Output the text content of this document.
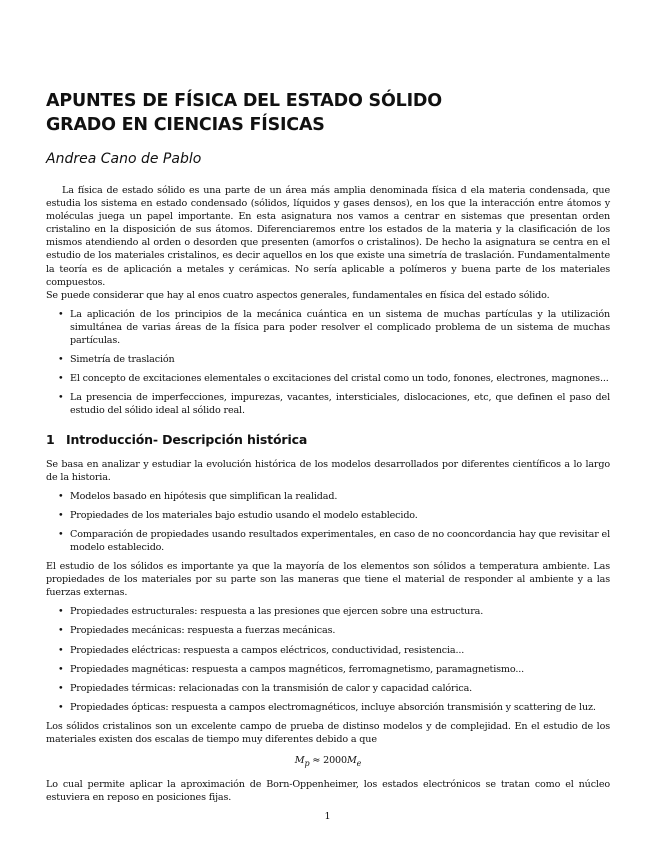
APUNTES DE FÍSICA DEL ESTADO SÓLIDO
GRADO EN CIENCIAS FÍSICAS
Andrea Cano de Pablo

La física de estado sólido es una parte de un área más amplia denominada física d ela materia condensada, que estudia los sistema en estado condensado (sólidos, líquidos y gases densos), en los que la interacción entre átomos y moléculas juega un papel importante. En esta asignatura nos vamos a centrar en sistemas que presentan orden cristalino en la disposición de sus átomos. Diferenciaremos entre los estados de la materia y la clasificación de los mismos atendiendo al orden o desorden que presenten (amorfos o cristalinos). De hecho la asignatura se centra en el estudio de los materiales cristalinos, es decir aquellos en los que existe una simetría de traslación. Fundamentalmente la teoría es de aplicación a metales y cerámicas. No sería aplicable a polímeros y buena parte de los materiales compuestos.

Se puede considerar que hay al enos cuatro aspectos generales, fundamentales en física del estado sólido.

• La aplicación de los principios de la mecánica cuántica en un sistema de muchas partículas y la utilización simultánea de varias áreas de la física para poder resolver el complicado problema de un sistema de muchas partículas.
• Simetría de traslación
• El concepto de excitaciones elementales o excitaciones del cristal como un todo, fonones, electrones, magnones...
• La presencia de imperfecciones, impurezas, vacantes, intersticiales, dislocaciones, etc, que definen el paso del estudio del sólido ideal al sólido real.
1 Introducción- Descripción histórica

Se basa en analizar y estudiar la evolución histórica de los modelos desarrollados por diferentes científicos a lo largo de la historia.

• Modelos basado en hipótesis que simplifican la realidad.
• Propiedades de los materiales bajo estudio usando el modelo establecido.
• Comparación de propiedades usando resultados experimentales, en caso de no cooncordancia hay que revisitar el modelo establecido.

El estudio de los sólidos es importante ya que la mayoría de los elementos son sólidos a temperatura ambiente. Las propiedades de los materiales por su parte son las maneras que tiene el material de responder al ambiente y a las fuerzas externas.

• Propiedades estructurales: respuesta a las presiones que ejercen sobre una estructura.
• Propiedades mecánicas: respuesta a fuerzas mecánicas.
• Propiedades eléctricas: respuesta a campos eléctricos, conductividad, resistencia...
• Propiedades magnéticas: respuesta a campos magnéticos, ferromagnetismo, paramagnetismo...
• Propiedades térmicas: relacionadas con la transmisión de calor y capacidad calórica.
• Propiedades ópticas: respuesta a campos electromagnéticos, incluye absorción transmisión y scattering de luz.

Los sólidos cristalinos son un excelente campo de prueba de distinso modelos y de complejidad. En el estudio de los materiales existen dos escalas de tiempo muy diferentes debido a que

$M_p \approx 2000M_e$

Lo cual permite aplicar la aproximación de Born-Oppenheimer, los estados electrónicos se tratan como el núcleo estuviera en reposo en posiciones fijas.

1
